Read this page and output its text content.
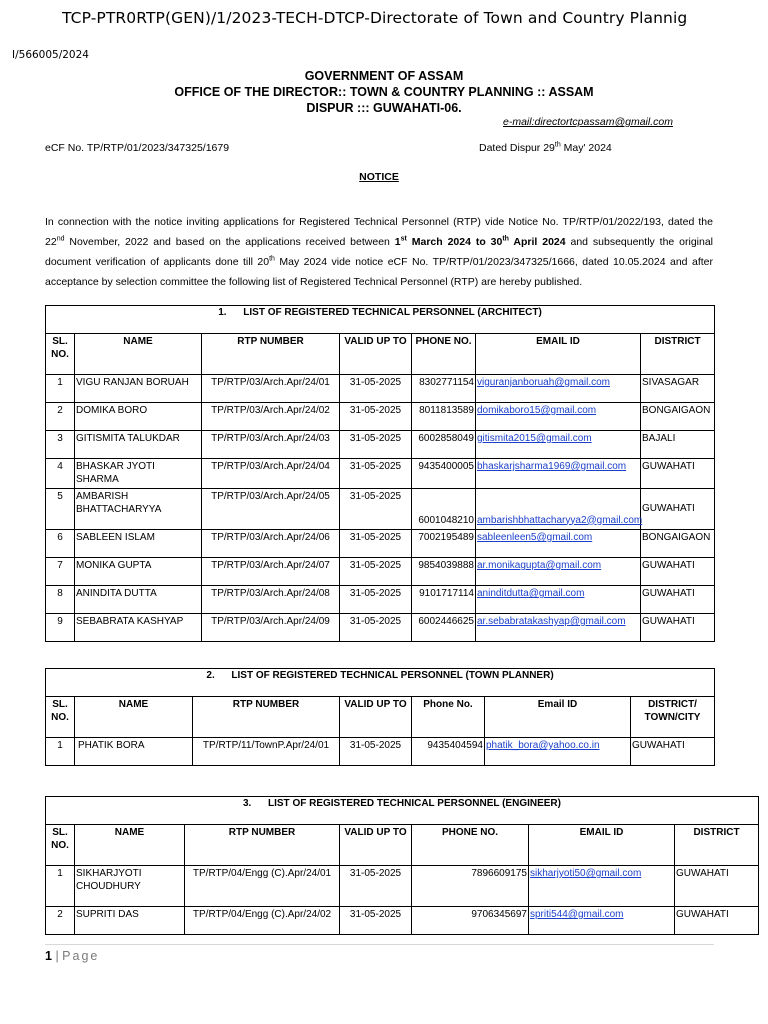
TCP-PTR0RTP(GEN)/1/2023-TECH-DTCP-Directorate of Town and Country Plannig
I/566005/2024
GOVERNMENT OF ASSAM
OFFICE OF THE DIRECTOR:: TOWN & COUNTRY PLANNING :: ASSAM
DISPUR ::: GUWAHATI-06.
e-mail:directortcpassam@gmail.com
eCF No. TP/RTP/01/2023/347325/1679	Dated Dispur 29th May' 2024
NOTICE
In connection with the notice inviting applications for Registered Technical Personnel (RTP) vide Notice No. TP/RTP/01/2022/193, dated the 22nd November, 2022 and based on the applications received between 1st March 2024 to 30th April 2024 and subsequently the original document verification of applicants done till 20th May 2024 vide notice eCF No. TP/RTP/01/2023/347325/1666, dated 10.05.2024 and after acceptance by selection committee the following list of Registered Technical Personnel (RTP) are hereby published.
1. LIST OF REGISTERED TECHNICAL PERSONNEL (ARCHITECT)						
SL. NO.	NAME	RTP NUMBER	VALID UP TO	PHONE NO.	EMAIL ID	DISTRICT
1	VIGU RANJAN BORUAH	TP/RTP/03/Arch.Apr/24/01	31-05-2025	8302771154	viguranjanboruah@gmail.com	SIVASAGAR
2	DOMIKA BORO	TP/RTP/03/Arch.Apr/24/02	31-05-2025	8011813589	domikaboro15@gmail.com	BONGAIGAON
3	GITISMITA TALUKDAR	TP/RTP/03/Arch.Apr/24/03	31-05-2025	6002858049	gitismita2015@gmail.com	BAJALI
4	BHASKAR JYOTI SHARMA	TP/RTP/03/Arch.Apr/24/04	31-05-2025	9435400005	bhaskarjsharma1969@gmail.com	GUWAHATI
5	AMBARISH BHATTACHARYYA	TP/RTP/03/Arch.Apr/24/05	31-05-2025	6001048210	ambarishbhattacharyya2@gmail.com	GUWAHATI
6	SABLEEN ISLAM	TP/RTP/03/Arch.Apr/24/06	31-05-2025	7002195489	sableenleen5@gmail.com	BONGAIGAON
7	MONIKA GUPTA	TP/RTP/03/Arch.Apr/24/07	31-05-2025	9854039888	ar.monikagupta@gmail.com	GUWAHATI
8	ANINDITA DUTTA	TP/RTP/03/Arch.Apr/24/08	31-05-2025	9101717114	aninditdutta@gmail.com	GUWAHATI
9	SEBABRATA KASHYAP	TP/RTP/03/Arch.Apr/24/09	31-05-2025	6002446625	ar.sebabratakashyap@gmail.com	GUWAHATI
2. LIST OF REGISTERED TECHNICAL PERSONNEL (TOWN PLANNER)						
SL. NO.	NAME	RTP NUMBER	VALID UP TO	Phone No.	Email ID	DISTRICT/ TOWN/CITY
1	PHATIK BORA	TP/RTP/11/TownP.Apr/24/01	31-05-2025	9435404594	phatik_bora@yahoo.co.in	GUWAHATI
3. LIST OF REGISTERED TECHNICAL PERSONNEL (ENGINEER)						
SL. NO.	NAME	RTP NUMBER	VALID UP TO	PHONE NO.	EMAIL ID	DISTRICT
1	SIKHARJYOTI CHOUDHURY	TP/RTP/04/Engg (C).Apr/24/01	31-05-2025	7896609175	sikharjyoti50@gmail.com	GUWAHATI
2	SUPRITI DAS	TP/RTP/04/Engg (C).Apr/24/02	31-05-2025	9706345697	spriti544@gmail.com	GUWAHATI
1 | Page
